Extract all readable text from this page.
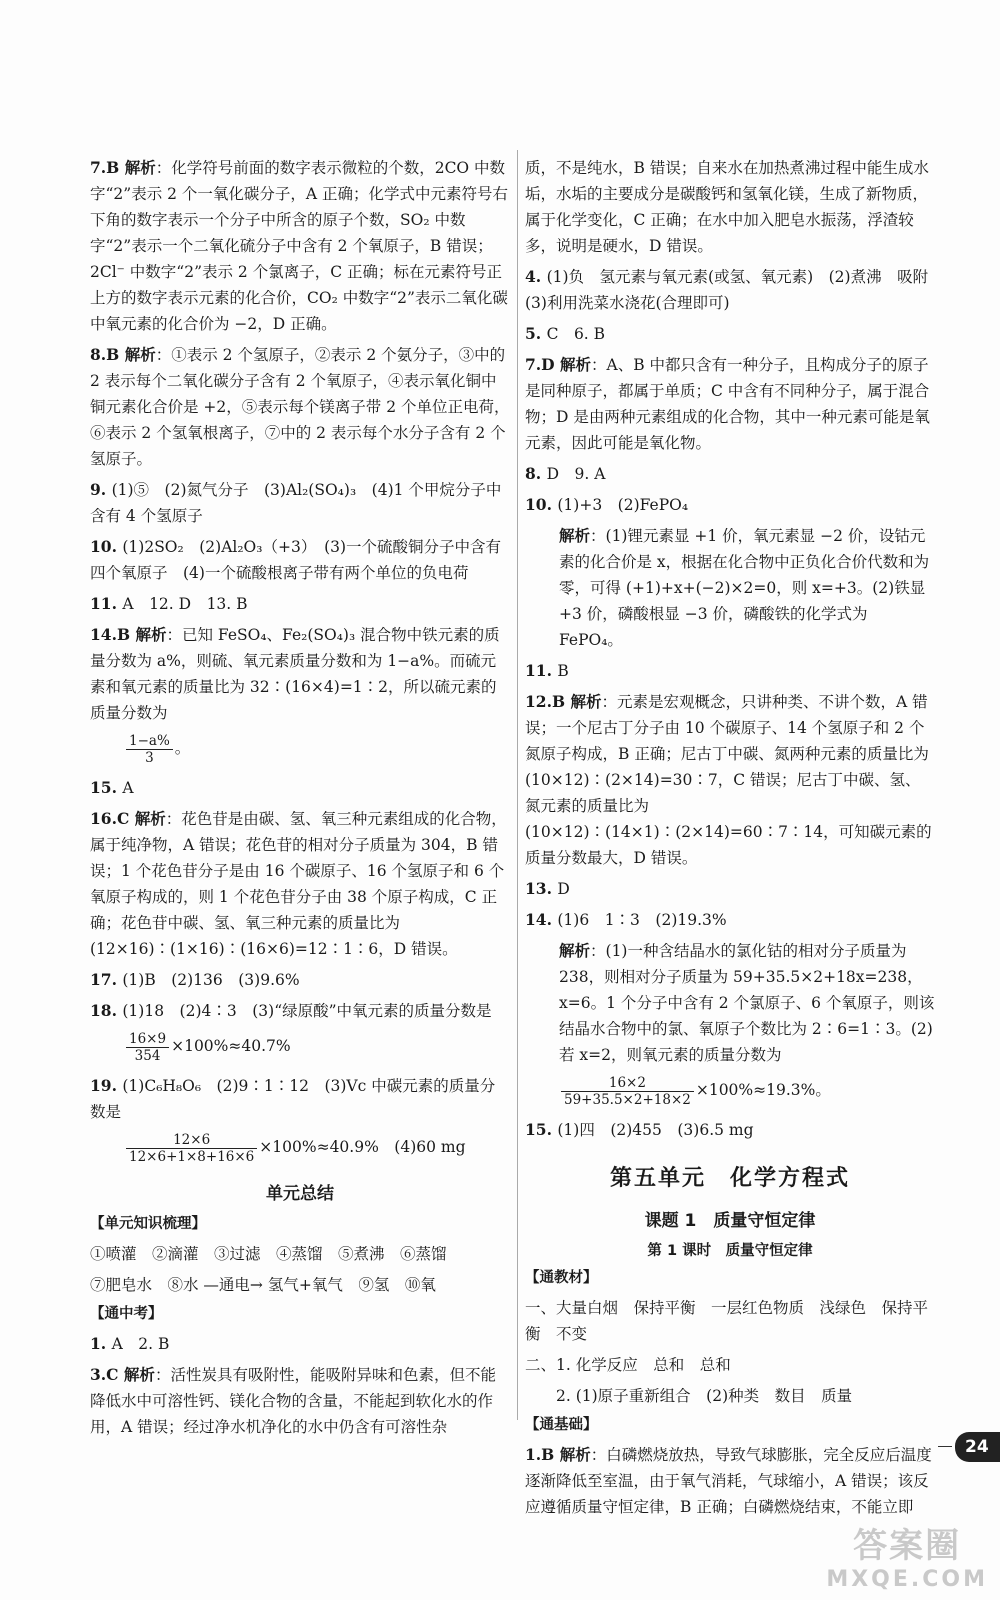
7.B 解析：化学符号前面的数字表示微粒的个数，2CO 中数字“2”表示 2 个一氧化碳分子，A 正确；化学式中元素符号右下角的数字表示一个分子中所含的原子个数，SO₂ 中数字“2”表示一个二氧化硫分子中含有 2 个氧原子，B 错误；2Cl⁻ 中数字“2”表示 2 个氯离子，C 正确；标在元素符号正上方的数字表示元素的化合价，CO₂ 中数字“2”表示二氧化碳中氧元素的化合价为 −2，D 正确。
8.B 解析：①表示 2 个氢原子，②表示 2 个氨分子，③中的 2 表示每个二氧化碳分子含有 2 个氧原子，④表示氧化铜中铜元素化合价是 +2，⑤表示每个镁离子带 2 个单位正电荷，⑥表示 2 个氢氧根离子，⑦中的 2 表示每个水分子含有 2 个氢原子。
9. (1)⑤　(2)氮气分子　(3)Al₂(SO₄)₃　(4)1 个甲烷分子中含有 4 个氢原子
10. (1)2SO₂　(2)Al₂O₃（+3）　(3)一个硫酸铜分子中含有四个氧原子　(4)一个硫酸根离子带有两个单位的负电荷
11. A　12. D　13. B
14.B 解析：已知 FeSO₄、Fe₂(SO₄)₃ 混合物中铁元素的质量分数为 a%，则硫、氧元素质量分数和为 1−a%。而硫元素和氧元素的质量比为 32∶(16×4)=1∶2，所以硫元素的质量分数为
$\frac{1-a\%}{3}$ 。
15. A
16.C 解析：花色苷是由碳、氢、氧三种元素组成的化合物，属于纯净物，A 错误；花色苷的相对分子质量为 304，B 错误；1 个花色苷分子是由 16 个碳原子、16 个氢原子和 6 个氧原子构成的，则 1 个花色苷分子由 38 个原子构成，C 正确；花色苷中碳、氢、氧三种元素的质量比为 (12×16)∶(1×16)∶(16×6)=12∶1∶6，D 错误。
17. (1)B　(2)136　(3)9.6%
18. (1)18　(2)4∶3　(3)“绿原酸”中氧元素的质量分数是
$\frac{16\times 9}{354} \times 100\%\approx 40.7\%$
19. (1)C₆H₈O₆　(2)9∶1∶12　(3)Vc 中碳元素的质量分数是
$\frac{12\times 6}{12\times 6+1\times 8+16\times 6} \times 100\%\approx 40.9\%$　(4)60 mg
单元总结
【单元知识梳理】
①喷灌　②滴灌　③过滤　④蒸馏　⑤煮沸　⑥蒸馏
⑦肥皂水　⑧水 —通电→ 氢气+氧气　⑨氢　⑩氧
【通中考】
1. A　2. B
3.C 解析：活性炭具有吸附性，能吸附异味和色素，但不能降低水中可溶性钙、镁化合物的含量，不能起到软化水的作用，A 错误；经过净水机净化的水中仍含有可溶性杂
质，不是纯水，B 错误；自来水在加热煮沸过程中能生成水垢，水垢的主要成分是碳酸钙和氢氧化镁，生成了新物质，属于化学变化，C 正确；在水中加入肥皂水振荡，浮渣较多，说明是硬水，D 错误。
4. (1)负　氢元素与氧元素(或氢、氧元素)　(2)煮沸　吸附　(3)利用洗菜水浇花(合理即可)
5. C　6. B
7.D 解析：A、B 中都只含有一种分子，且构成分子的原子是同种原子，都属于单质；C 中含有不同种分子，属于混合物；D 是由两种元素组成的化合物，其中一种元素可能是氧元素，因此可能是氧化物。
8. D　9. A
10. (1)+3　(2)FePO₄
解析：(1)锂元素显 +1 价，氧元素显 −2 价，设钴元素的化合价是 x，根据在化合物中正负化合价代数和为零，可得 (+1)+x+(−2)×2=0，则 x=+3。(2)铁显 +3 价，磷酸根显 −3 价，磷酸铁的化学式为 FePO₄。
11. B
12.B 解析：元素是宏观概念，只讲种类、不讲个数，A 错误；一个尼古丁分子由 10 个碳原子、14 个氢原子和 2 个氮原子构成，B 正确；尼古丁中碳、氮两种元素的质量比为 (10×12)∶(2×14)=30∶7，C 错误；尼古丁中碳、氢、氮元素的质量比为 (10×12)∶(14×1)∶(2×14)=60∶7∶14，可知碳元素的质量分数最大，D 错误。
13. D
14. (1)6　1∶3　(2)19.3%
解析：(1)一种含结晶水的氯化钴的相对分子质量为 238，则相对分子质量为 59+35.5×2+18x=238，x=6。1 个分子中含有 2 个氯原子、6 个氧原子，则该结晶水合物中的氯、氧原子个数比为 2∶6=1∶3。(2)若 x=2，则氧元素的质量分数为
$\frac{16\times 2}{59+35.5\times 2+18\times 2} \times 100\%\approx 19.3\%$。
15. (1)四　(2)455　(3)6.5 mg
第五单元　化学方程式
课题 1　质量守恒定律
第 1 课时　质量守恒定律
【通教材】
一、大量白烟　保持平衡　一层红色物质　浅绿色　保持平衡　不变
二、1. 化学反应　总和　总和
　　2. (1)原子重新组合　(2)种类　数目　质量
【通基础】
1.B 解析：白磷燃烧放热，导致气球膨胀，完全反应后温度逐渐降低至室温，由于氧气消耗，气球缩小，A 错误；该反应遵循质量守恒定律，B 正确；白磷燃烧结束，不能立即
24
答案圈
MXQE.COM
